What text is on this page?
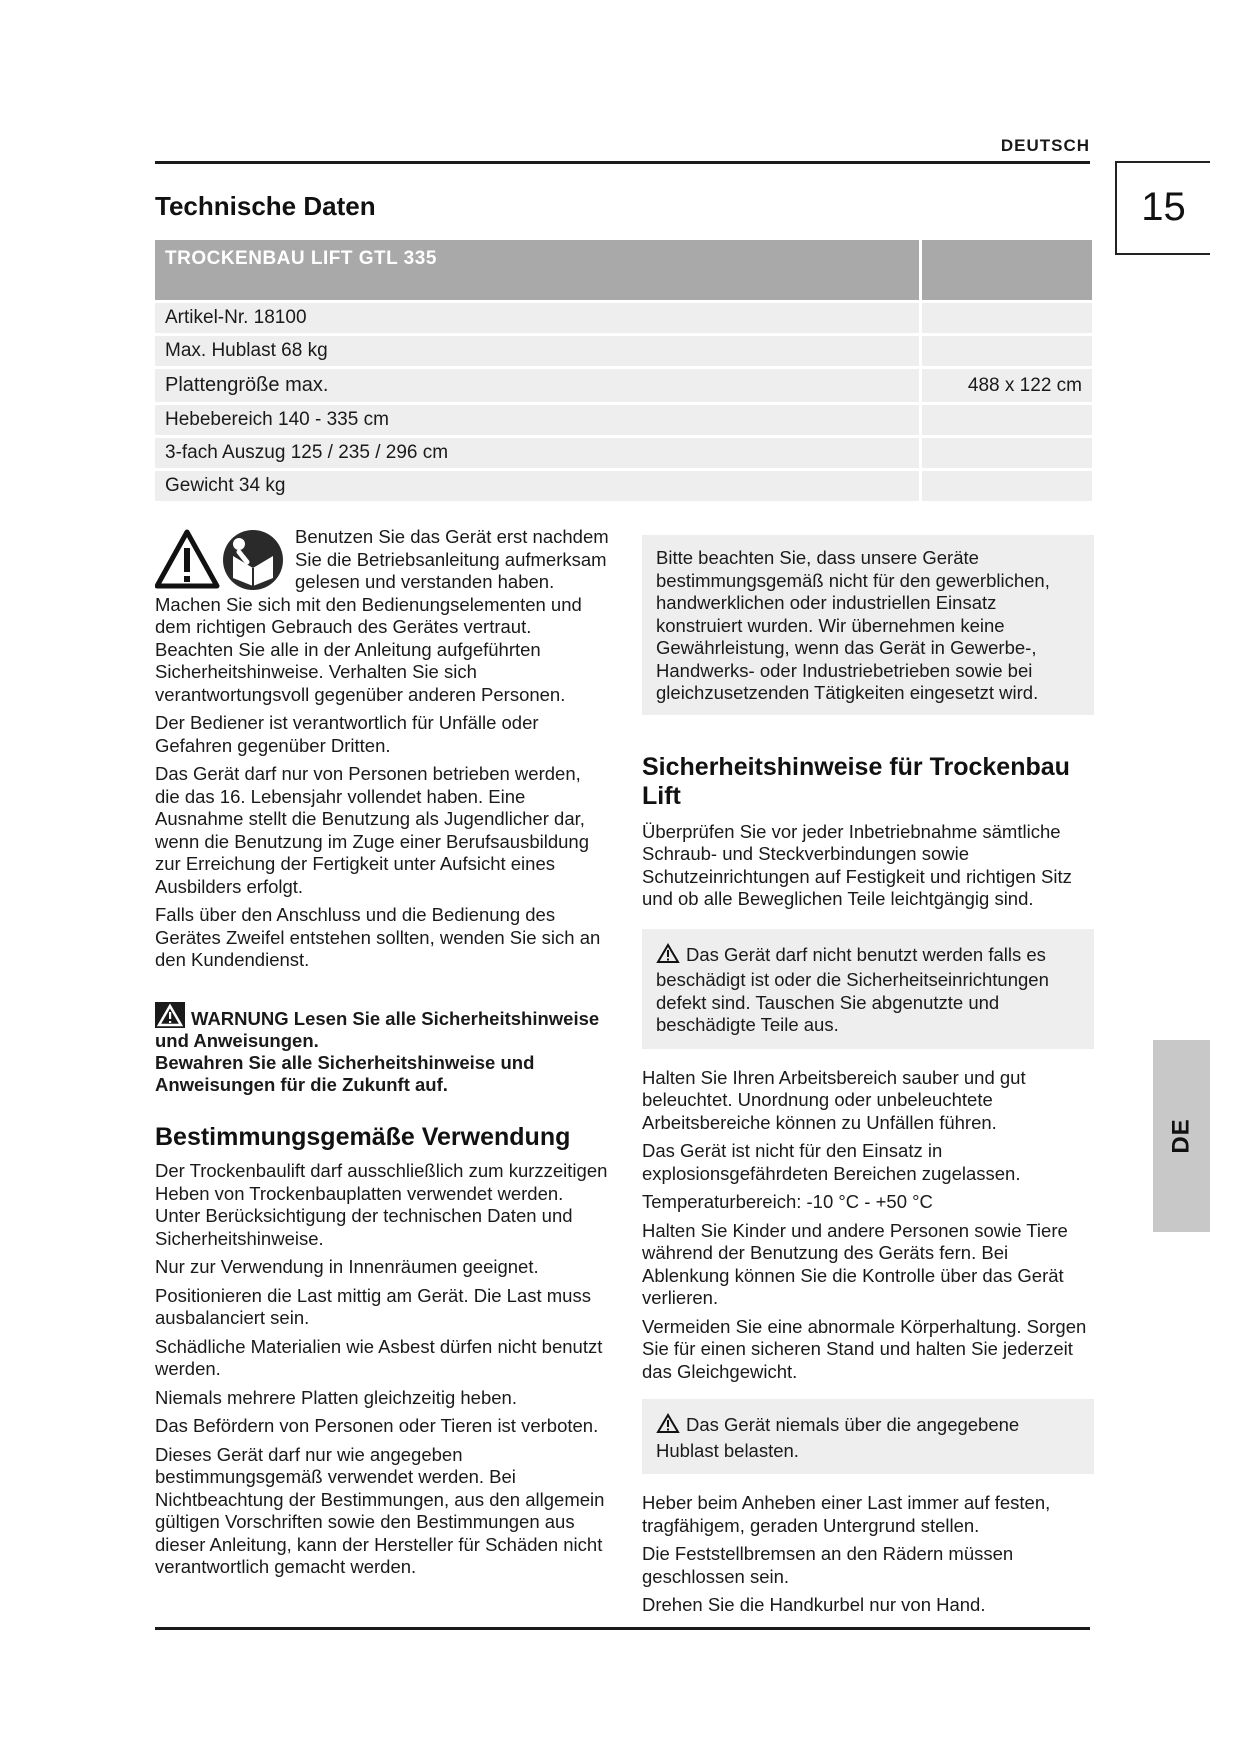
DEUTSCH
15
Technische Daten
TROCKENBAU LIFT GTL 335	
Artikel-Nr. 18100	
Max. Hublast 68 kg	
Plattengröße max.	488 x 122 cm
Hebebereich 140 - 335 cm	
3-fach Auszug 125 / 235 / 296 cm	
Gewicht 34 kg	

Benutzen Sie das Gerät erst nachdem Sie die Betriebsanleitung aufmerksam gelesen und verstanden haben. Machen Sie sich mit den Bedienungselementen und dem richtigen Gebrauch des Gerätes vertraut. Beachten Sie alle in der Anleitung aufgeführten Sicherheitshinweise. Verhalten Sie sich verantwortungsvoll gegenüber anderen Personen.

Der Bediener ist verantwortlich für Unfälle oder Gefahren gegenüber Dritten.

Das Gerät darf nur von Personen betrieben werden, die das 16. Lebensjahr vollendet haben. Eine Ausnahme stellt die Benutzung als Jugendlicher dar, wenn die Benutzung im Zuge einer Berufsausbildung zur Erreichung der Fertigkeit unter Aufsicht eines Ausbilders erfolgt.

Falls über den Anschluss und die Bedienung des Gerätes Zweifel entstehen sollten, wenden Sie sich an den Kundendienst.

WARNUNG Lesen Sie alle Sicherheitshinweise und Anweisungen.
Bewahren Sie alle Sicherheitshinweise und Anweisungen für die Zukunft auf.
Bestimmungsgemäße Verwendung

Der Trockenbaulift darf ausschließlich zum kurzzeitigen Heben von Trockenbauplatten verwendet werden. Unter Berücksichtigung der technischen Daten und Sicherheitshinweise.

Nur zur Verwendung in Innenräumen geeignet.

Positionieren die Last mittig am Gerät. Die Last muss ausbalanciert sein.

Schädliche Materialien wie Asbest dürfen nicht benutzt werden.

Niemals mehrere Platten gleichzeitig heben.

Das Befördern von Personen oder Tieren ist verboten.

Dieses Gerät darf nur wie angegeben bestimmungsgemäß verwendet werden. Bei Nichtbeachtung der Bestimmungen, aus den allgemein gültigen Vorschriften sowie den Bestimmungen aus dieser Anleitung, kann der Hersteller für Schäden nicht verantwortlich gemacht werden.

Bitte beachten Sie, dass unsere Geräte bestimmungsgemäß nicht für den gewerblichen, handwerklichen oder industriellen Einsatz konstruiert wurden. Wir übernehmen keine Gewährleistung, wenn das Gerät in Gewerbe-, Handwerks- oder Industriebetrieben sowie bei gleichzusetzenden Tätigkeiten eingesetzt wird.
Sicherheitshinweise für Trockenbau Lift

Überprüfen Sie vor jeder Inbetriebnahme sämtliche Schraub- und Steckverbindungen sowie Schutzeinrichtungen auf Festigkeit und richtigen Sitz und ob alle Beweglichen Teile leichtgängig sind.

Das Gerät darf nicht benutzt werden falls es beschädigt ist oder die Sicherheitseinrichtungen defekt sind. Tauschen Sie abgenutzte und beschädigte Teile aus.

Halten Sie Ihren Arbeitsbereich sauber und gut beleuchtet. Unordnung oder unbeleuchtete Arbeitsbereiche können zu Unfällen führen.

Das Gerät ist nicht für den Einsatz in explosionsgefährdeten Bereichen zugelassen.

Temperaturbereich: -10 °C - +50 °C

Halten Sie Kinder und andere Personen sowie Tiere während der Benutzung des Geräts fern. Bei Ablenkung können Sie die Kontrolle über das Gerät verlieren.

Vermeiden Sie eine abnormale Körperhaltung. Sorgen Sie für einen sicheren Stand und halten Sie jederzeit das Gleichgewicht.

Das Gerät niemals über die angegebene Hublast belasten.

Heber beim Anheben einer Last immer auf festen, tragfähigem, geraden Untergrund stellen.

Die Feststellbremsen an den Rädern müssen geschlossen sein.

Drehen Sie die Handkurbel nur von Hand.

DE
